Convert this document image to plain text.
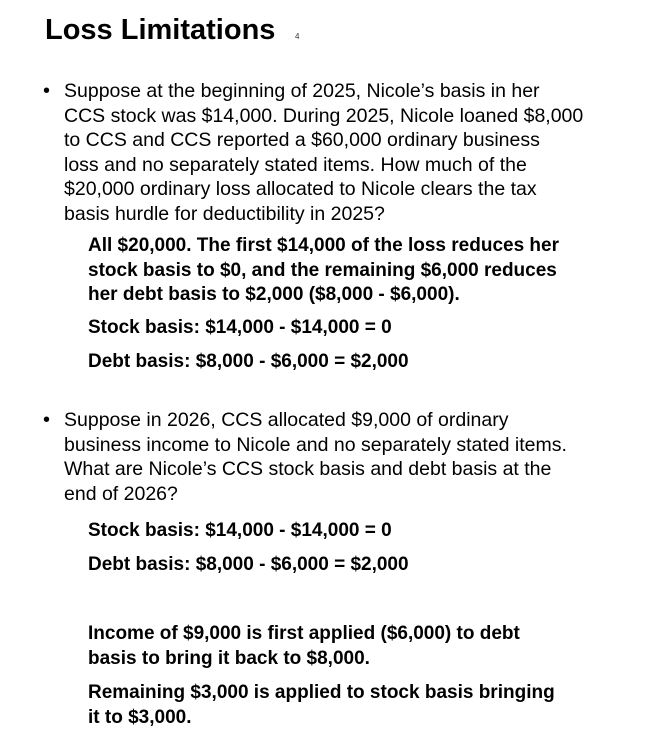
Loss Limitations 4
• Suppose at the beginning of 2025, Nicole’s basis in her
CCS stock was $14,000. During 2025, Nicole loaned $8,000
to CCS and CCS reported a $60,000 ordinary business
loss and no separately stated items. How much of the
$20,000 ordinary loss allocated to Nicole clears the tax
basis hurdle for deductibility in 2025?
All $20,000. The first $14,000 of the loss reduces her
stock basis to $0, and the remaining $6,000 reduces
her debt basis to $2,000 ($8,000 - $6,000).
Stock basis: $14,000 - $14,000 = 0
Debt basis: $8,000 - $6,000 = $2,000
• Suppose in 2026, CCS allocated $9,000 of ordinary
business income to Nicole and no separately stated items.
What are Nicole’s CCS stock basis and debt basis at the
end of 2026?
Stock basis: $14,000 - $14,000 = 0
Debt basis: $8,000 - $6,000 = $2,000
Income of $9,000 is first applied ($6,000) to debt
basis to bring it back to $8,000.
Remaining $3,000 is applied to stock basis bringing
it to $3,000.
